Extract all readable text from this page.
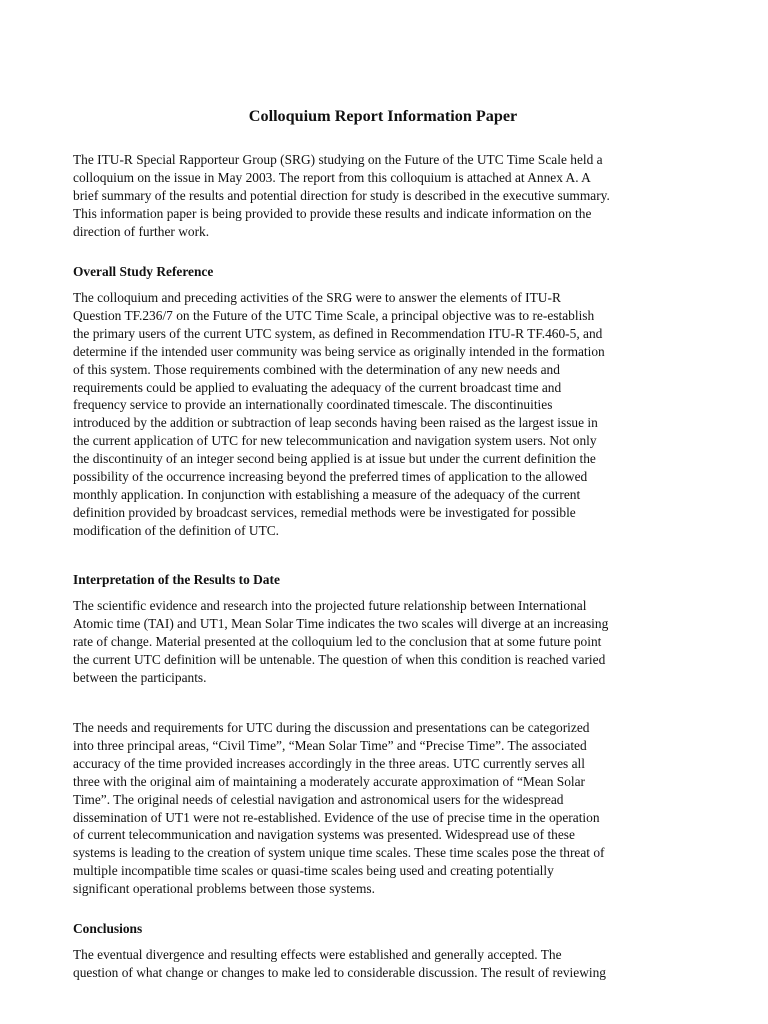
Colloquium Report Information Paper

The ITU-R Special Rapporteur Group (SRG) studying on the Future of the UTC Time Scale held a
colloquium on the issue in May 2003. The report from this colloquium is attached at Annex A. A
brief summary of the results and potential direction for study is described in the executive summary.
This information paper is being provided to provide these results and indicate information on the
direction of further work.

Overall Study Reference

The colloquium and preceding activities of the SRG were to answer the elements of ITU-R
Question TF.236/7 on the Future of the UTC Time Scale, a principal objective was to re-establish
the primary users of the current UTC system, as defined in Recommendation ITU-R TF.460-5, and
determine if the intended user community was being service as originally intended in the formation
of this system. Those requirements combined with the determination of any new needs and
requirements could be applied to evaluating the adequacy of the current broadcast time and
frequency service to provide an internationally coordinated timescale. The discontinuities
introduced by the addition or subtraction of leap seconds having been raised as the largest issue in
the current application of UTC for new telecommunication and navigation system users. Not only
the discontinuity of an integer second being applied is at issue but under the current definition the
possibility of the occurrence increasing beyond the preferred times of application to the allowed
monthly application. In conjunction with establishing a measure of the adequacy of the current
definition provided by broadcast services, remedial methods were be investigated for possible
modification of the definition of UTC.

Interpretation of the Results to Date

The scientific evidence and research into the projected future relationship between International
Atomic time (TAI) and UT1, Mean Solar Time indicates the two scales will diverge at an increasing
rate of change. Material presented at the colloquium led to the conclusion that at some future point
the current UTC definition will be untenable. The question of when this condition is reached varied
between the participants.

The needs and requirements for UTC during the discussion and presentations can be categorized
into three principal areas, “Civil Time”, “Mean Solar Time” and “Precise Time”. The associated
accuracy of the time provided increases accordingly in the three areas. UTC currently serves all
three with the original aim of maintaining a moderately accurate approximation of “Mean Solar
Time”. The original needs of celestial navigation and astronomical users for the widespread
dissemination of UT1 were not re-established. Evidence of the use of precise time in the operation
of current telecommunication and navigation systems was presented. Widespread use of these
systems is leading to the creation of system unique time scales. These time scales pose the threat of
multiple incompatible time scales or quasi-time scales being used and creating potentially
significant operational problems between those systems.

Conclusions

The eventual divergence and resulting effects were established and generally accepted. The
question of what change or changes to make led to considerable discussion. The result of reviewing
